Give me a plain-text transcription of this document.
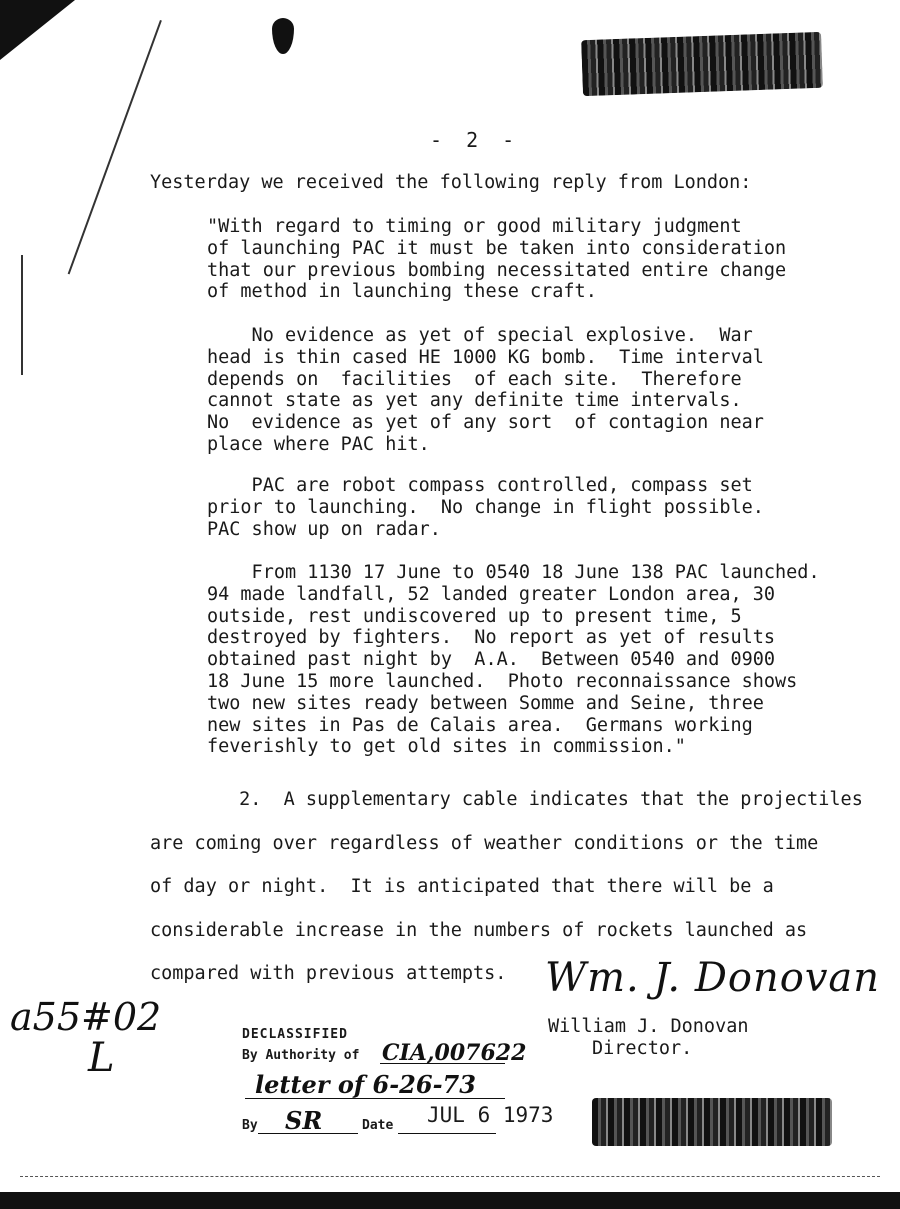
- 2 -
Yesterday we received the following reply from London:
"With regard to timing or good military judgment
of launching PAC it must be taken into consideration
that our previous bombing necessitated entire change
of method in launching these craft.
No evidence as yet of special explosive.  War
head is thin cased HE 1000 KG bomb.  Time interval
depends on  facilities  of each site.  Therefore
cannot state as yet any definite time intervals.
No  evidence as yet of any sort  of contagion near
place where PAC hit.
PAC are robot compass controlled, compass set
prior to launching.  No change in flight possible.
PAC show up on radar.
From 1130 17 June to 0540 18 June 138 PAC launched.
94 made landfall, 52 landed greater London area, 30
outside, rest undiscovered up to present time, 5
destroyed by fighters.  No report as yet of results
obtained past night by  A.A.  Between 0540 and 0900
18 June 15 more launched.  Photo reconnaissance shows
two new sites ready between Somme and Seine, three
new sites in Pas de Calais area.  Germans working
feverishly to get old sites in commission."
2.  A supplementary cable indicates that the projectiles
are coming over regardless of weather conditions or the time
of day or night.  It is anticipated that there will be a
considerable increase in the numbers of rockets launched as
compared with previous attempts.
a55#02
L
Wm. J. Donovan
William J. Donovan
Director.
DECLASSIFIED
By Authority of CIA,007622
letter of 6-26-73
By SR	Date JUL 6 1973
